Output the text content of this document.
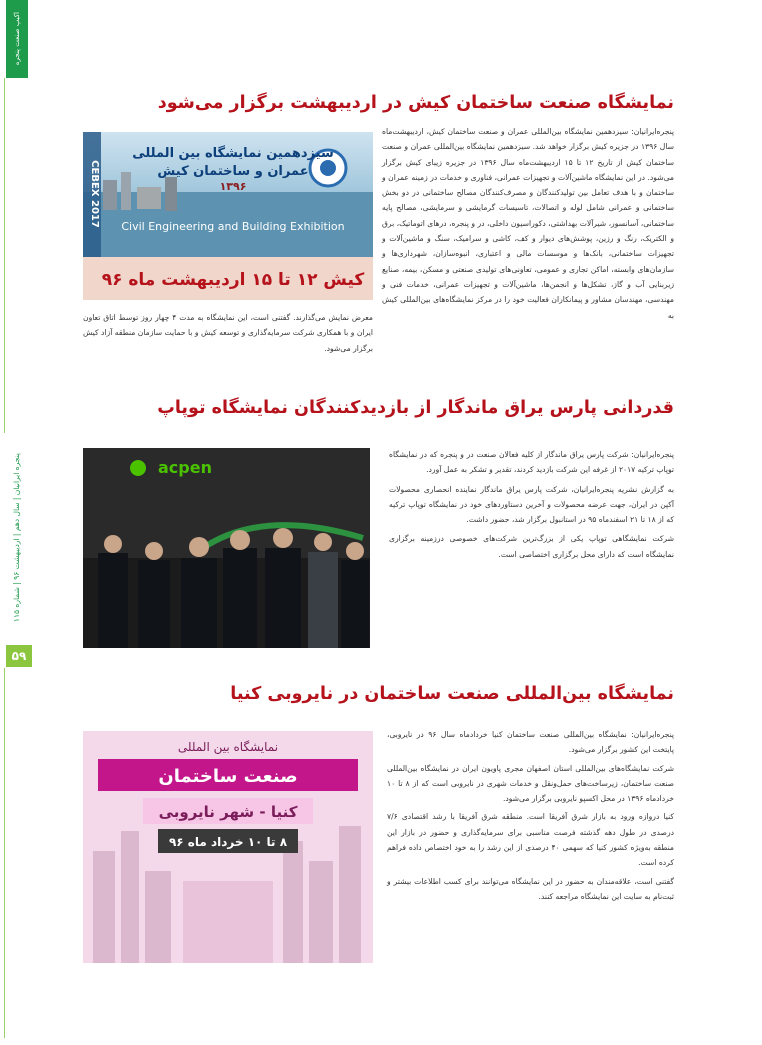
اکیپ صنعت پنجره
پنجره ایرانیان | سال دهم | اردیبهشت ۹۶ | شماره ۱۱۵
۵۹
نمایشگاه صنعت ساختمان کیش در اردیبهشت برگزار می‌شود

پنجره‌ایرانیان: سیزدهمین نمایشگاه بین‌المللی عمران و صنعت ساختمان کیش، اردیبهشت‌ماه سال ۱۳۹۶ در جزیره کیش برگزار خواهد شد. سیزدهمین نمایشگاه بین‌المللی عمران و صنعت ساختمان کیش از تاریخ ۱۲ تا ۱۵ اردیبهشت‌ماه سال ۱۳۹۶ در جزیره زیبای کیش برگزار می‌شود. در این نمایشگاه ماشین‌آلات و تجهیزات عمرانی، فناوری و خدمات در زمینه عمران و ساختمان و با هدف تعامل بین تولیدکنندگان و مصرف‌کنندگان مصالح ساختمانی در دو بخش ساختمانی و عمرانی شامل لوله و اتصالات، تاسیسات گرمایشی و سرمایشی، مصالح پایه ساختمانی، آسانسور، شیرآلات بهداشتی، دکوراسیون داخلی، در و پنجره، درهای اتوماتیک، برق و الکتریک، رنگ و رزین، پوشش‌های دیوار و کف، کاشی و سرامیک، سنگ و ماشین‌آلات و تجهیزات ساختمانی، بانک‌ها و موسسات مالی و اعتباری، انبوه‌سازان، شهرداری‌ها و سازمان‌های وابسته، اماکن تجاری و عمومی، تعاونی‌های تولیدی صنعتی و مسکن، بیمه، صنایع زیربنایی آب و گاز، تشکل‌ها و انجمن‌ها، ماشین‌آلات و تجهیزات عمرانی، خدمات فنی و مهندسی، مهندسان مشاور و پیمانکاران فعالیت خود را در مرکز نمایشگاه‌های بین‌المللی کیش به

CEBEX 2017
سیزدهمین نمایشگاه بین المللی
عمران و ساختمان کیش
۱۳۹۶
Civil Engineering and Building Exhibition
کیش ۱۲ تا ۱۵ اردیبهشت ماه ۹۶

معرض نمایش می‌گذارند. گفتنی است، این نمایشگاه به مدت ۴ چهار روز توسط اتاق تعاون ایران و با همکاری شرکت سرمایه‌گذاری و توسعه کیش و با حمایت سازمان منطقه آزاد کیش برگزار می‌شود.

قدردانی پارس یراق ماندگار از بازدیدکنندگان نمایشگاه توپاپ

پنجره‌ایرانیان: شرکت پارس یراق ماندگار از کلیه فعالان صنعت در و پنجره که در نمایشگاه توپاپ ترکیه ۲۰۱۷ از غرفه این شرکت بازدید کردند، تقدیر و تشکر به عمل آورد.

به گزارش نشریه پنجره‌ایرانیان، شرکت پارس یراق ماندگار نماینده انحصاری محصولات آکپن در ایران، جهت عرضه محصولات و آخرین دستاوردهای خود در نمایشگاه توپاپ ترکیه که از ۱۸ تا ۲۱ اسفندماه ۹۵ در استانبول برگزار شد، حضور داشت.

شرکت نمایشگاهی توپاپ یکی از بزرگ‌ترین شرکت‌های خصوصی درزمینه برگزاری نمایشگاه است که دارای محل برگزاری اختصاصی است.

acpen
نمایشگاه بین‌المللی صنعت ساختمان در نایروبی کنیا

پنجره‌ایرانیان: نمایشگاه بین‌المللی صنعت ساختمان کنیا خردادماه سال ۹۶ در نایروبی، پایتخت این کشور برگزار می‌شود.

شرکت نمایشگاه‌های بین‌المللی استان اصفهان مجری پاویون ایران در نمایشگاه بین‌المللی صنعت ساختمان، زیرساخت‌های حمل‌ونقل و خدمات شهری در نایروبی است که از ۸ تا ۱۰ خردادماه ۱۳۹۶ در محل اکسپو نایروبی برگزار می‌شود.

کنیا دروازه ورود به بازار شرق آفریقا است. منطقه شرق آفریقا با رشد اقتصادی ۷/۶ درصدی در طول دهه گذشته فرصت مناسبی برای سرمایه‌گذاری و حضور در بازار این منطقه به‌ویژه کشور کنیا که سهمی ۴۰ درصدی از این رشد را به خود اختصاص داده فراهم کرده است.

گفتنی است، علاقه‌مندان به حضور در این نمایشگاه می‌توانند برای کسب اطلاعات بیشتر و ثبت‌نام به سایت این نمایشگاه مراجعه کنند.

نمایشگاه بین المللی
صنعت ساختمان
کنیا - شهر نایروبی
۸ تا ۱۰ خرداد ماه ۹۶
